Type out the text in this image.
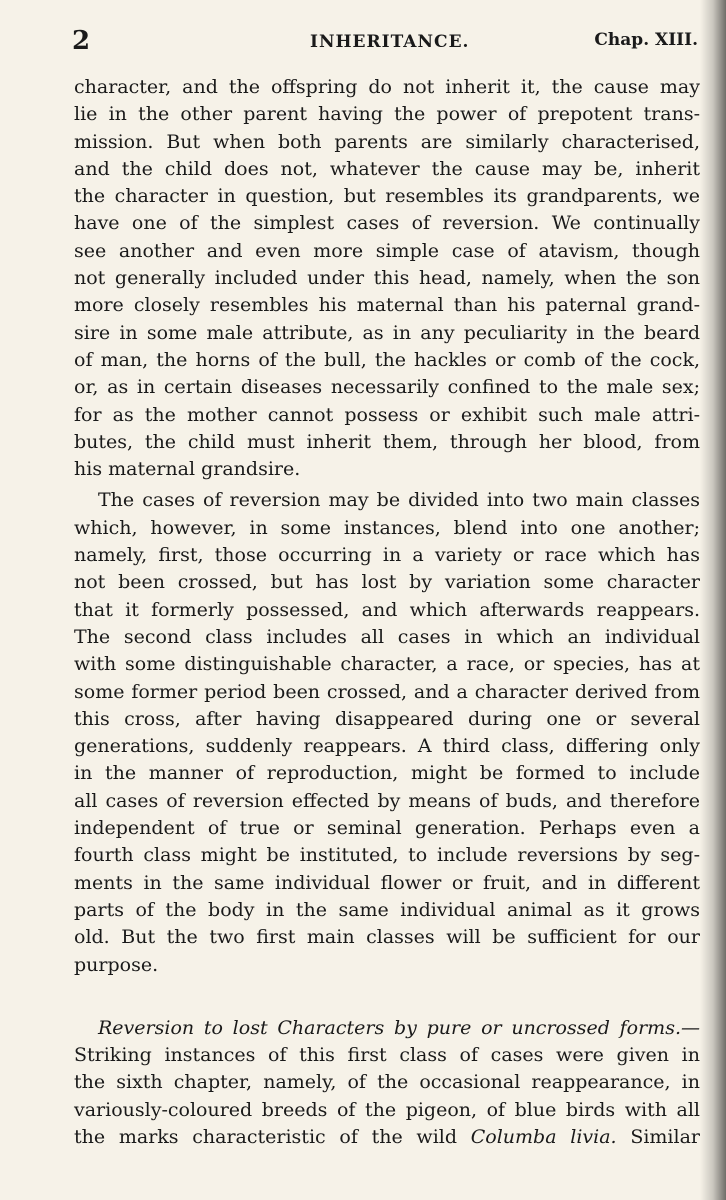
2	INHERITANCE.	Chap. XIII.
character, and the offspring do not inherit it, the cause may
lie in the other parent having the power of prepotent trans-
mission. But when both parents are similarly characterised,
and the child does not, whatever the cause may be, inherit
the character in question, but resembles its grandparents, we
have one of the simplest cases of reversion. We continually
see another and even more simple case of atavism, though
not generally included under this head, namely, when the son
more closely resembles his maternal than his paternal grand-
sire in some male attribute, as in any peculiarity in the beard
of man, the horns of the bull, the hackles or comb of the cock,
or, as in certain diseases necessarily confined to the male sex;
for as the mother cannot possess or exhibit such male attri-
butes, the child must inherit them, through her blood, from
his maternal grandsire.
The cases of reversion may be divided into two main classes
which, however, in some instances, blend into one another;
namely, first, those occurring in a variety or race which has
not been crossed, but has lost by variation some character
that it formerly possessed, and which afterwards reappears.
The second class includes all cases in which an individual
with some distinguishable character, a race, or species, has at
some former period been crossed, and a character derived from
this cross, after having disappeared during one or several
generations, suddenly reappears. A third class, differing only
in the manner of reproduction, might be formed to include
all cases of reversion effected by means of buds, and therefore
independent of true or seminal generation. Perhaps even a
fourth class might be instituted, to include reversions by seg-
ments in the same individual flower or fruit, and in different
parts of the body in the same individual animal as it grows
old. But the two first main classes will be sufficient for our
purpose.
Reversion to lost Characters by pure or uncrossed forms.—
Striking instances of this first class of cases were given in
the sixth chapter, namely, of the occasional reappearance, in
variously-coloured breeds of the pigeon, of blue birds with all
the marks characteristic of the wild Columba livia. Similar
